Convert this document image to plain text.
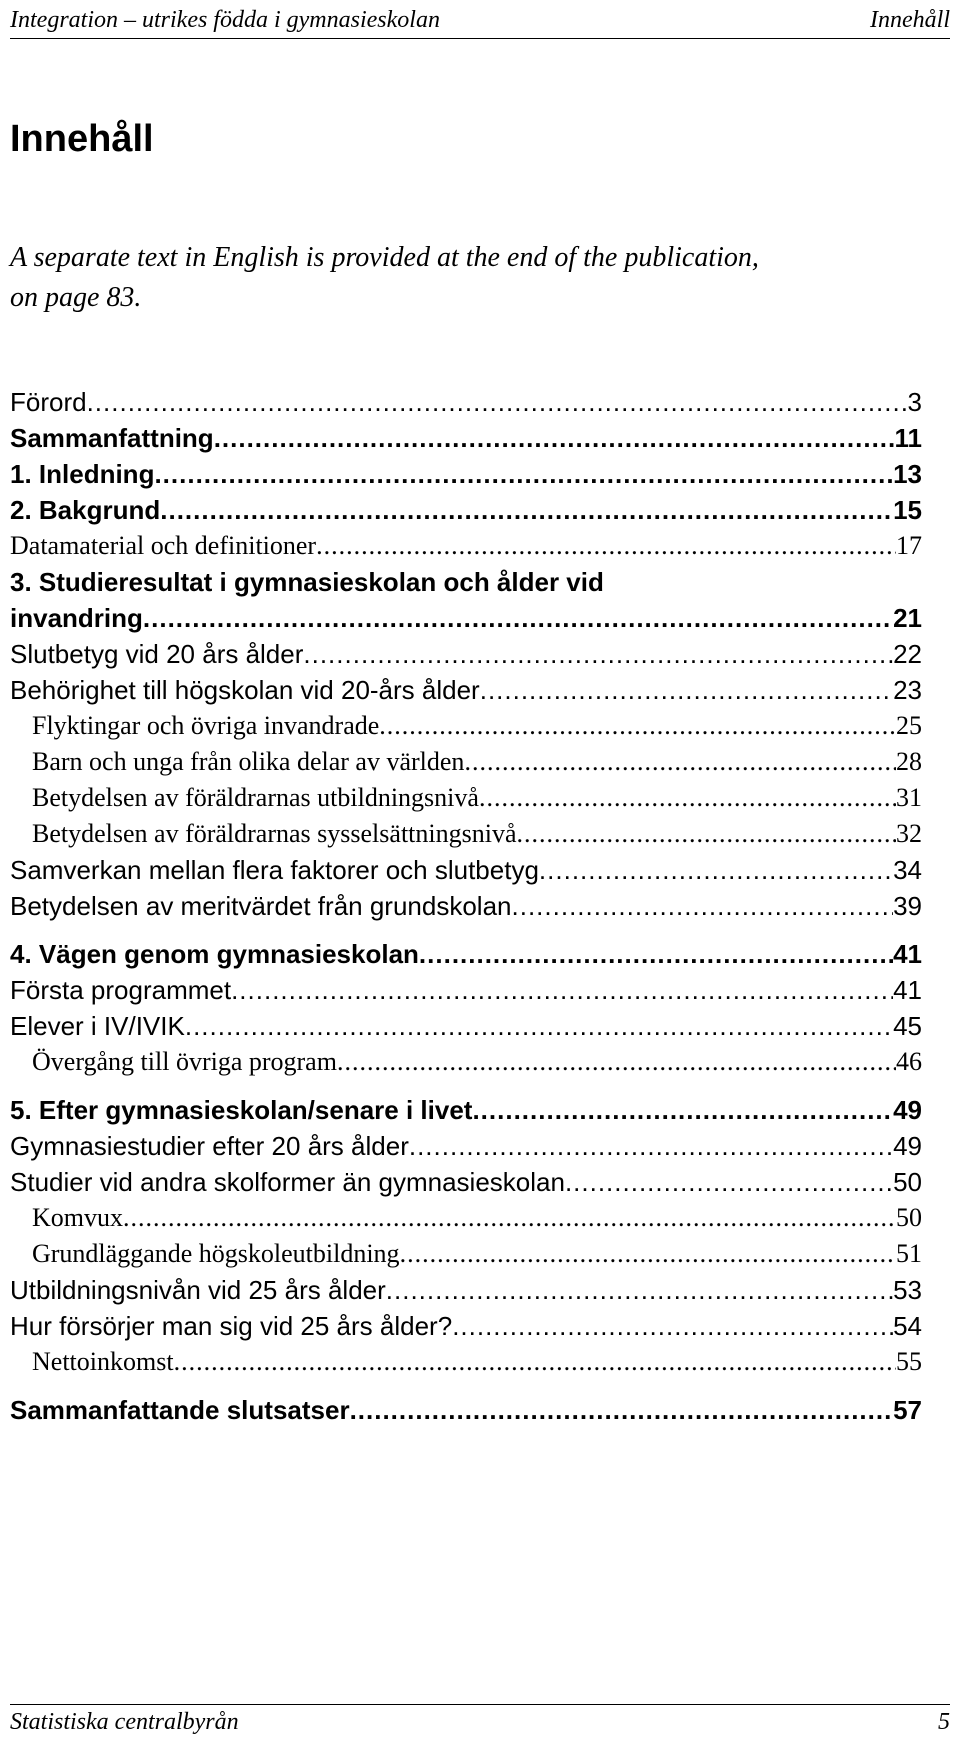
Integration – utrikes födda i gymnasieskolan	Innehåll
Innehåll
A separate text in English is provided at the end of the publication,
on page 83.
Förord .....	3
Sammanfattning .....	11
1. Inledning .....	13
2. Bakgrund .....	15
Datamaterial och definitioner .....	17
3. Studieresultat i gymnasieskolan och ålder vid
invandring .....	21
Slutbetyg vid 20 års ålder .....	22
Behörighet till högskolan vid 20-års ålder .....	23
Flyktingar och övriga invandrade .....	25
Barn och unga från olika delar av världen .....	28
Betydelsen av föräldrarnas utbildningsnivå .....	31
Betydelsen av föräldrarnas sysselsättningsnivå .....	32
Samverkan mellan flera faktorer och slutbetyg .....	34
Betydelsen av meritvärdet från grundskolan .....	39
4. Vägen genom gymnasieskolan .....	41
Första programmet .....	41
Elever i IV/IVIK .....	45
Övergång till övriga program .....	46
5. Efter gymnasieskolan/senare i livet .....	49
Gymnasiestudier efter 20 års ålder .....	49
Studier vid andra skolformer än gymnasieskolan .....	50
Komvux .....	50
Grundläggande högskoleutbildning .....	51
Utbildningsnivån vid 25 års ålder .....	53
Hur försörjer man sig vid 25 års ålder? .....	54
Nettoinkomst .....	55
Sammanfattande slutsatser .....	57
Statistiska centralbyrån	5
